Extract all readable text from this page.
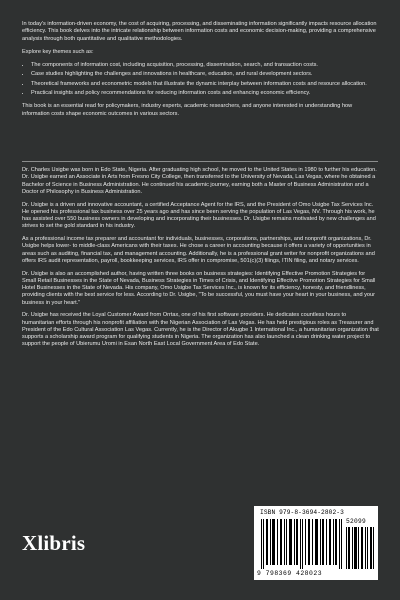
In today's information-driven economy, the cost of acquiring, processing, and disseminating information significantly impacts resource allocation efficiency. This book delves into the intricate relationship between information costs and economic decision-making, providing a comprehensive analysis through both quantitative and qualitative methodologies.

Explore key themes such as:

• The components of information cost, including acquisition, processing, dissemination, search, and transaction costs.
• Case studies highlighting the challenges and innovations in healthcare, education, and rural development sectors.
• Theoretical frameworks and econometric models that illustrate the dynamic interplay between information costs and resource allocation.
• Practical insights and policy recommendations for reducing information costs and enhancing economic efficiency.

This book is an essential read for policymakers, industry experts, academic researchers, and anyone interested in understanding how information costs shape economic outcomes in various sectors.

Dr. Charles Usigbe was born in Edo State, Nigeria. After graduating high school, he moved to the United States in 1980 to further his education. Dr. Usigbe earned an Associate in Arts from Fresno City College, then transferred to the University of Nevada, Las Vegas, where he obtained a Bachelor of Science in Business Administration. He continued his academic journey, earning both a Master of Business Administration and a Doctor of Philosophy in Business Administration.

Dr. Usigbe is a driven and innovative accountant, a certified Acceptance Agent for the IRS, and the President of Omo Usigbe Tax Services Inc. He opened his professional tax business over 25 years ago and has since been serving the population of Las Vegas, NV. Through his work, he has assisted over 550 business owners in developing and incorporating their businesses. Dr. Usigbe remains motivated by new challenges and strives to set the gold standard in his industry.

As a professional income tax preparer and accountant for individuals, businesses, corporations, partnerships, and nonprofit organizations, Dr. Usigbe helps lower- to middle-class Americans with their taxes. He chose a career in accounting because it offers a variety of opportunities in areas such as auditing, financial tax, and management accounting. Additionally, he is a professional grant writer for nonprofit organizations and offers IRS audit representation, payroll, bookkeeping services, IRS offer in compromise, 501(c)(3) filings, ITIN filing, and notary services.

Dr. Usigbe is also an accomplished author, having written three books on business strategies: Identifying Effective Promotion Strategies for Small Retail Businesses in the State of Nevada, Business Strategies in Times of Crisis, and Identifying Effective Promotion Strategies for Small Hotel Businesses in the State of Nevada. His company, Omo Usigbe Tax Services Inc., is known for its efficiency, honesty, and friendliness, providing clients with the best service for less. According to Dr. Usigbe, "To be successful, you must have your heart in your business, and your business in your heart."

Dr. Usigbe has received the Loyal Customer Award from Orrtax, one of his first software providers. He dedicates countless hours to humanitarian efforts through his nonprofit affiliation with the Nigerian Association of Las Vegas. He has held prestigious roles as Treasurer and President of the Edo Cultural Association Las Vegas. Currently, he is the Director of Akugbe 1 International Inc., a humanitarian organization that supports a scholarship award program for qualifying students in Nigeria. The organization has also launched a clean drinking water project to support the people of Ubierumu Uromi in Esan North East Local Government Area of Edo State.

Xlibris
ISBN 979-8-3694-2802-3
52099
9 798369 428023
